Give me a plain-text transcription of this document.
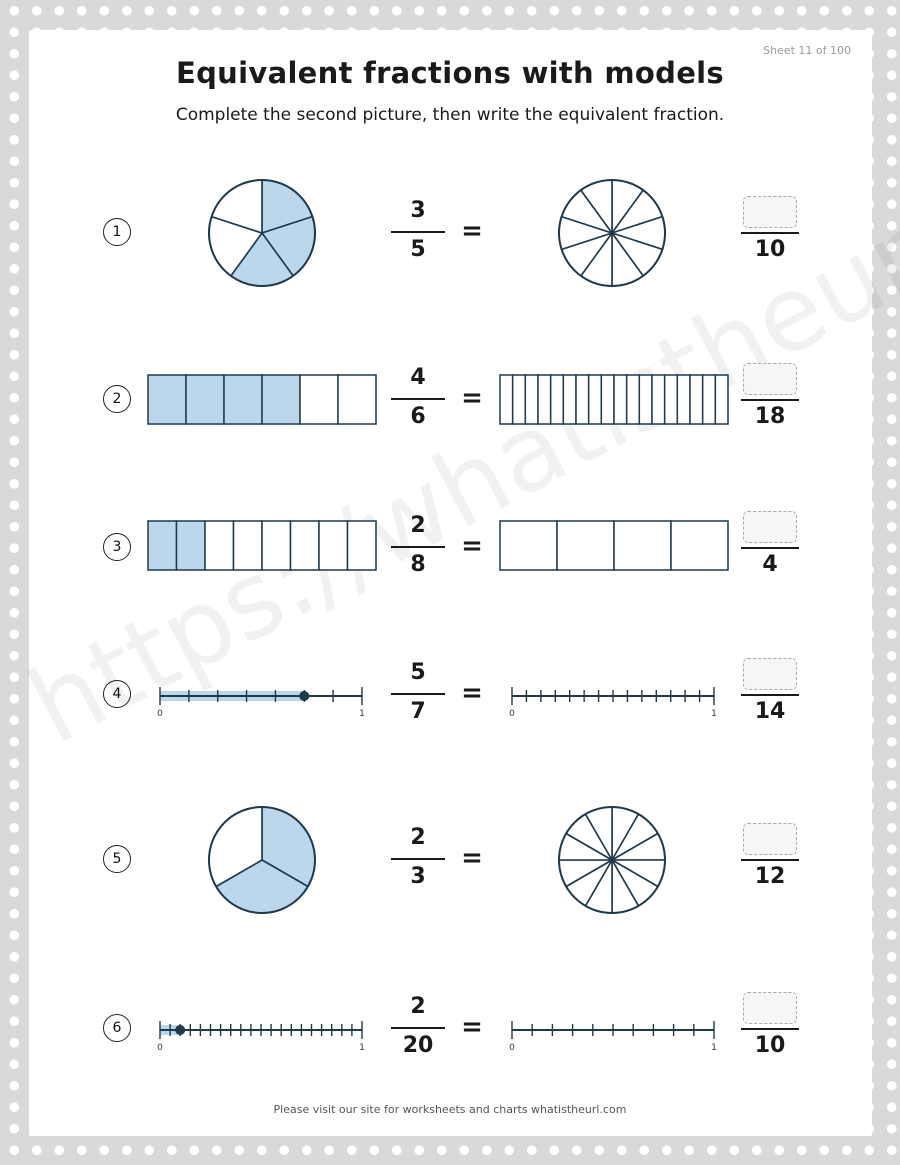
Sheet 11 of 100
Equivalent fractions with models
Complete the second picture, then write the equivalent fraction.
1
3
5
=
10
2
4
6
=
18
3
2
8
=
4
4
0	1
5
7
=
0	1	14
5
2
3
=
12
6
0	1
2
20
=
0	1	10
Please visit our site for worksheets and charts whatistheurl.com
